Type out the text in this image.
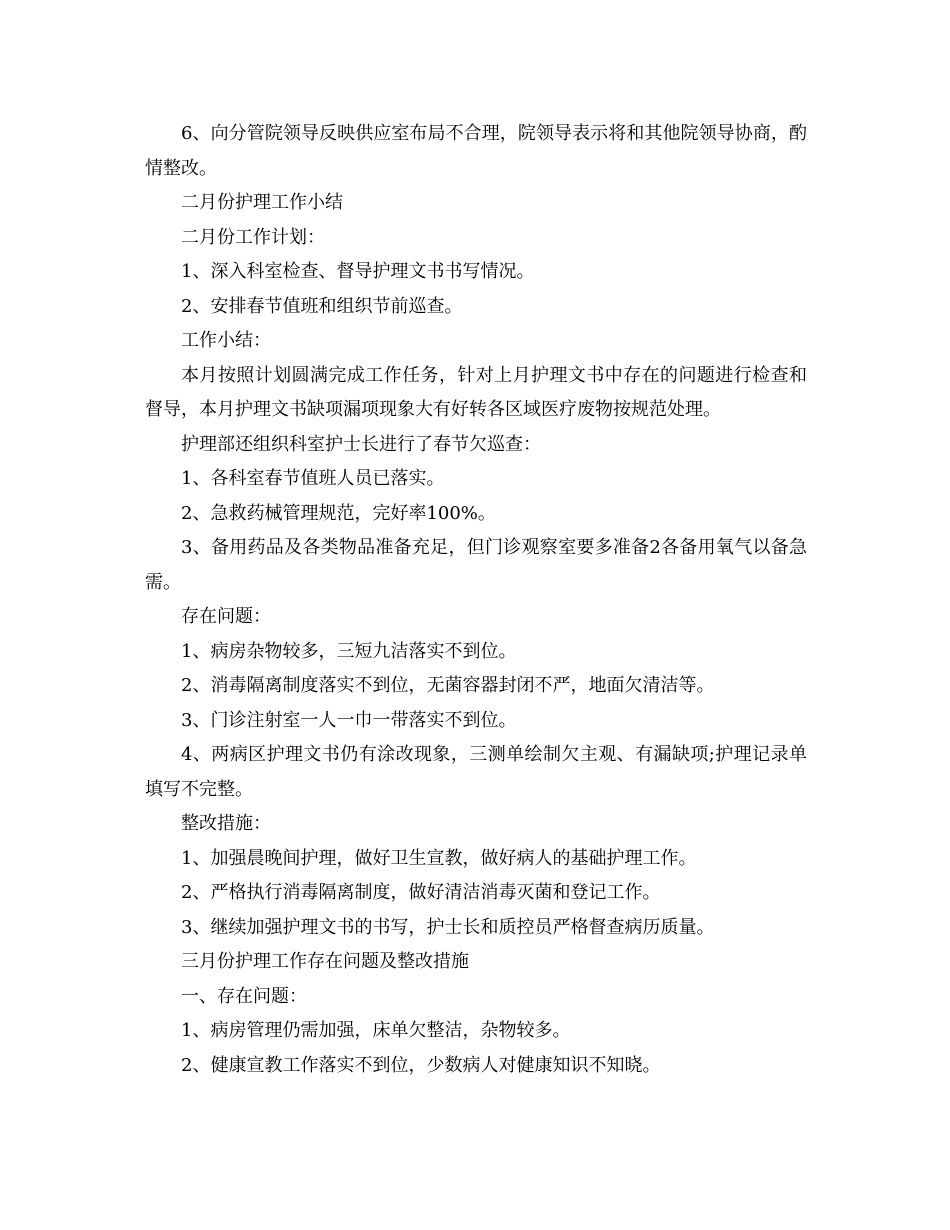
6、向分管院领导反映供应室布局不合理，院领导表示将和其他院领导协商，酌情整改。

二月份护理工作小结

二月份工作计划：

1、深入科室检查、督导护理文书书写情况。

2、安排春节值班和组织节前巡查。

工作小结：

本月按照计划圆满完成工作任务，针对上月护理文书中存在的问题进行检查和督导，本月护理文书缺项漏项现象大有好转各区域医疗废物按规范处理。

护理部还组织科室护士长进行了春节欠巡查：

1、各科室春节值班人员已落实。

2、急救药械管理规范，完好率100%。

3、备用药品及各类物品准备充足，但门诊观察室要多准备2各备用氧气以备急需。

存在问题：

1、病房杂物较多，三短九洁落实不到位。

2、消毒隔离制度落实不到位，无菌容器封闭不严，地面欠清洁等。

3、门诊注射室一人一巾一带落实不到位。

4、两病区护理文书仍有涂改现象，三测单绘制欠主观、有漏缺项;护理记录单填写不完整。

整改措施：

1、加强晨晚间护理，做好卫生宣教，做好病人的基础护理工作。

2、严格执行消毒隔离制度，做好清洁消毒灭菌和登记工作。

3、继续加强护理文书的书写，护士长和质控员严格督查病历质量。

三月份护理工作存在问题及整改措施

一、存在问题：

1、病房管理仍需加强，床单欠整洁，杂物较多。

2、健康宣教工作落实不到位，少数病人对健康知识不知晓。
